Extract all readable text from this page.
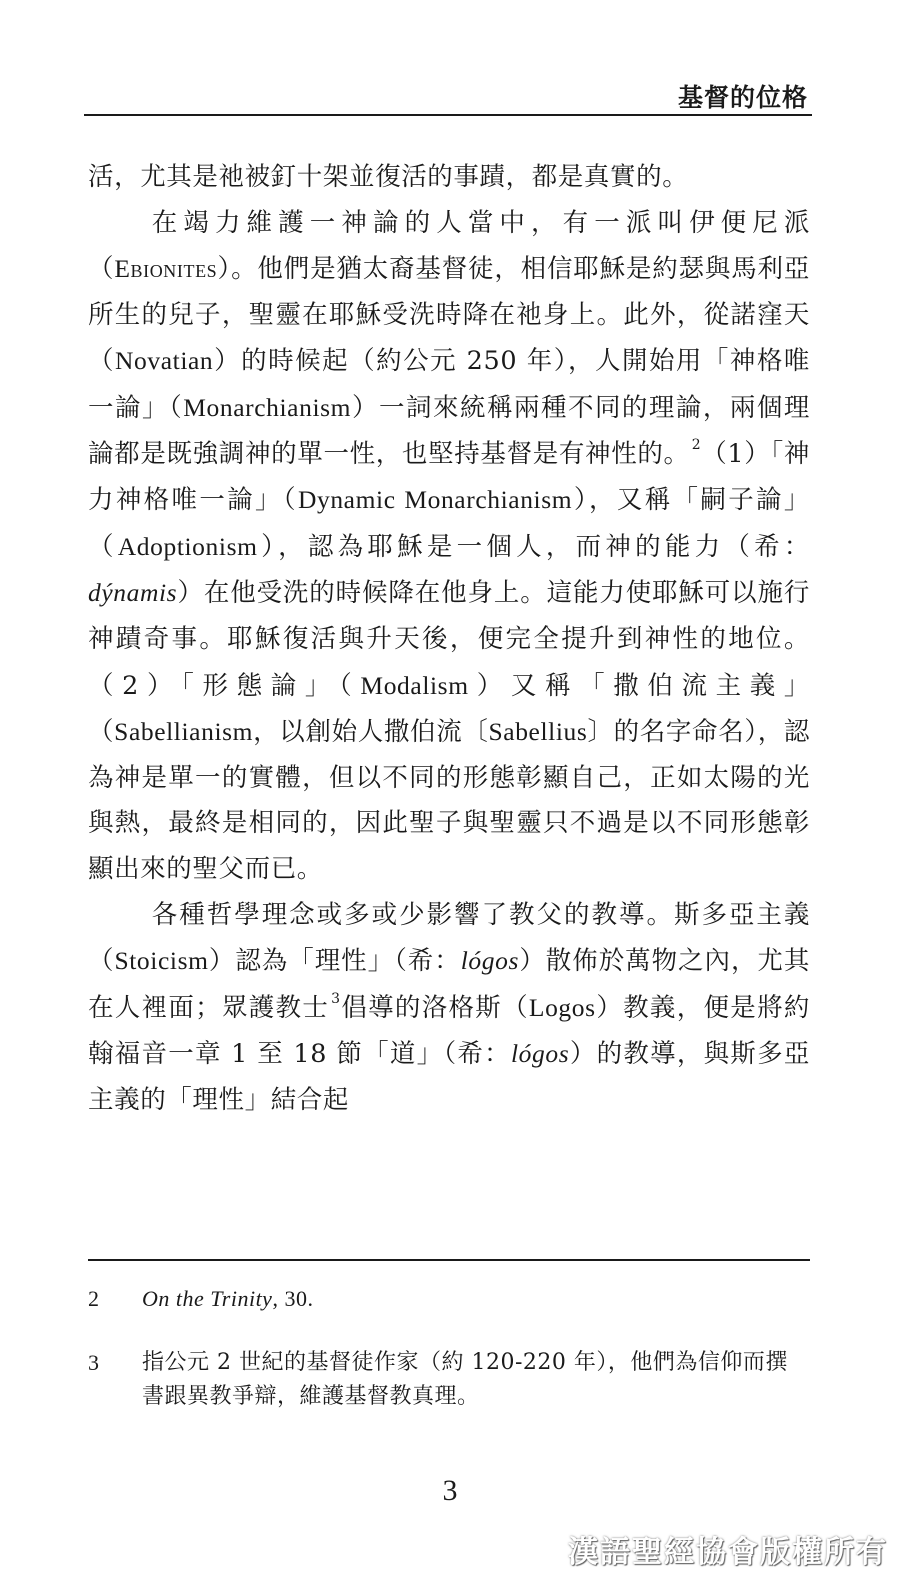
基督的位格

活，尤其是祂被釘十架並復活的事蹟，都是真實的。

在竭力維護一神論的人當中，有一派叫伊便尼派（Ebionites）。他們是猶太裔基督徒，相信耶穌是約瑟與馬利亞所生的兒子，聖靈在耶穌受洗時降在祂身上。此外，從諾窪天（Novatian）的時候起（約公元 250 年），人開始用「神格唯一論」（Monarchianism）一詞來統稱兩種不同的理論，兩個理論都是既強調神的單一性，也堅持基督是有神性的。 $^2$（1）「神力神格唯一論」（Dynamic Monarchianism），又稱「嗣子論」（Adoptionism），認為耶穌是一個人，而神的能力（希：dýnamis）在他受洗的時候降在他身上。這能力使耶穌可以施行神蹟奇事。耶穌復活與升天後，便完全提升到神性的地位。（2）「形態論」（Modalism）又稱「撒伯流主義」（Sabellianism，以創始人撒伯流〔Sabellius〕的名字命名），認為神是單一的實體，但以不同的形態彰顯自己，正如太陽的光與熱，最終是相同的，因此聖子與聖靈只不過是以不同形態彰顯出來的聖父而已。

各種哲學理念或多或少影響了教父的教導。斯多亞主義（Stoicism）認為「理性」（希：lógos）散佈於萬物之內，尤其在人裡面；眾護教士 $^3$倡導的洛格斯（Logos）教義，便是將約翰福音一章 1 至 18 節「道」（希：lógos）的教導，與斯多亞主義的「理性」結合起

2 On the Trinity, 30.
3 指公元 2 世紀的基督徒作家（約 120-220 年），他們為信仰而撰書跟異教爭辯，維護基督教真理。
3
漢語聖經協會版權所有
